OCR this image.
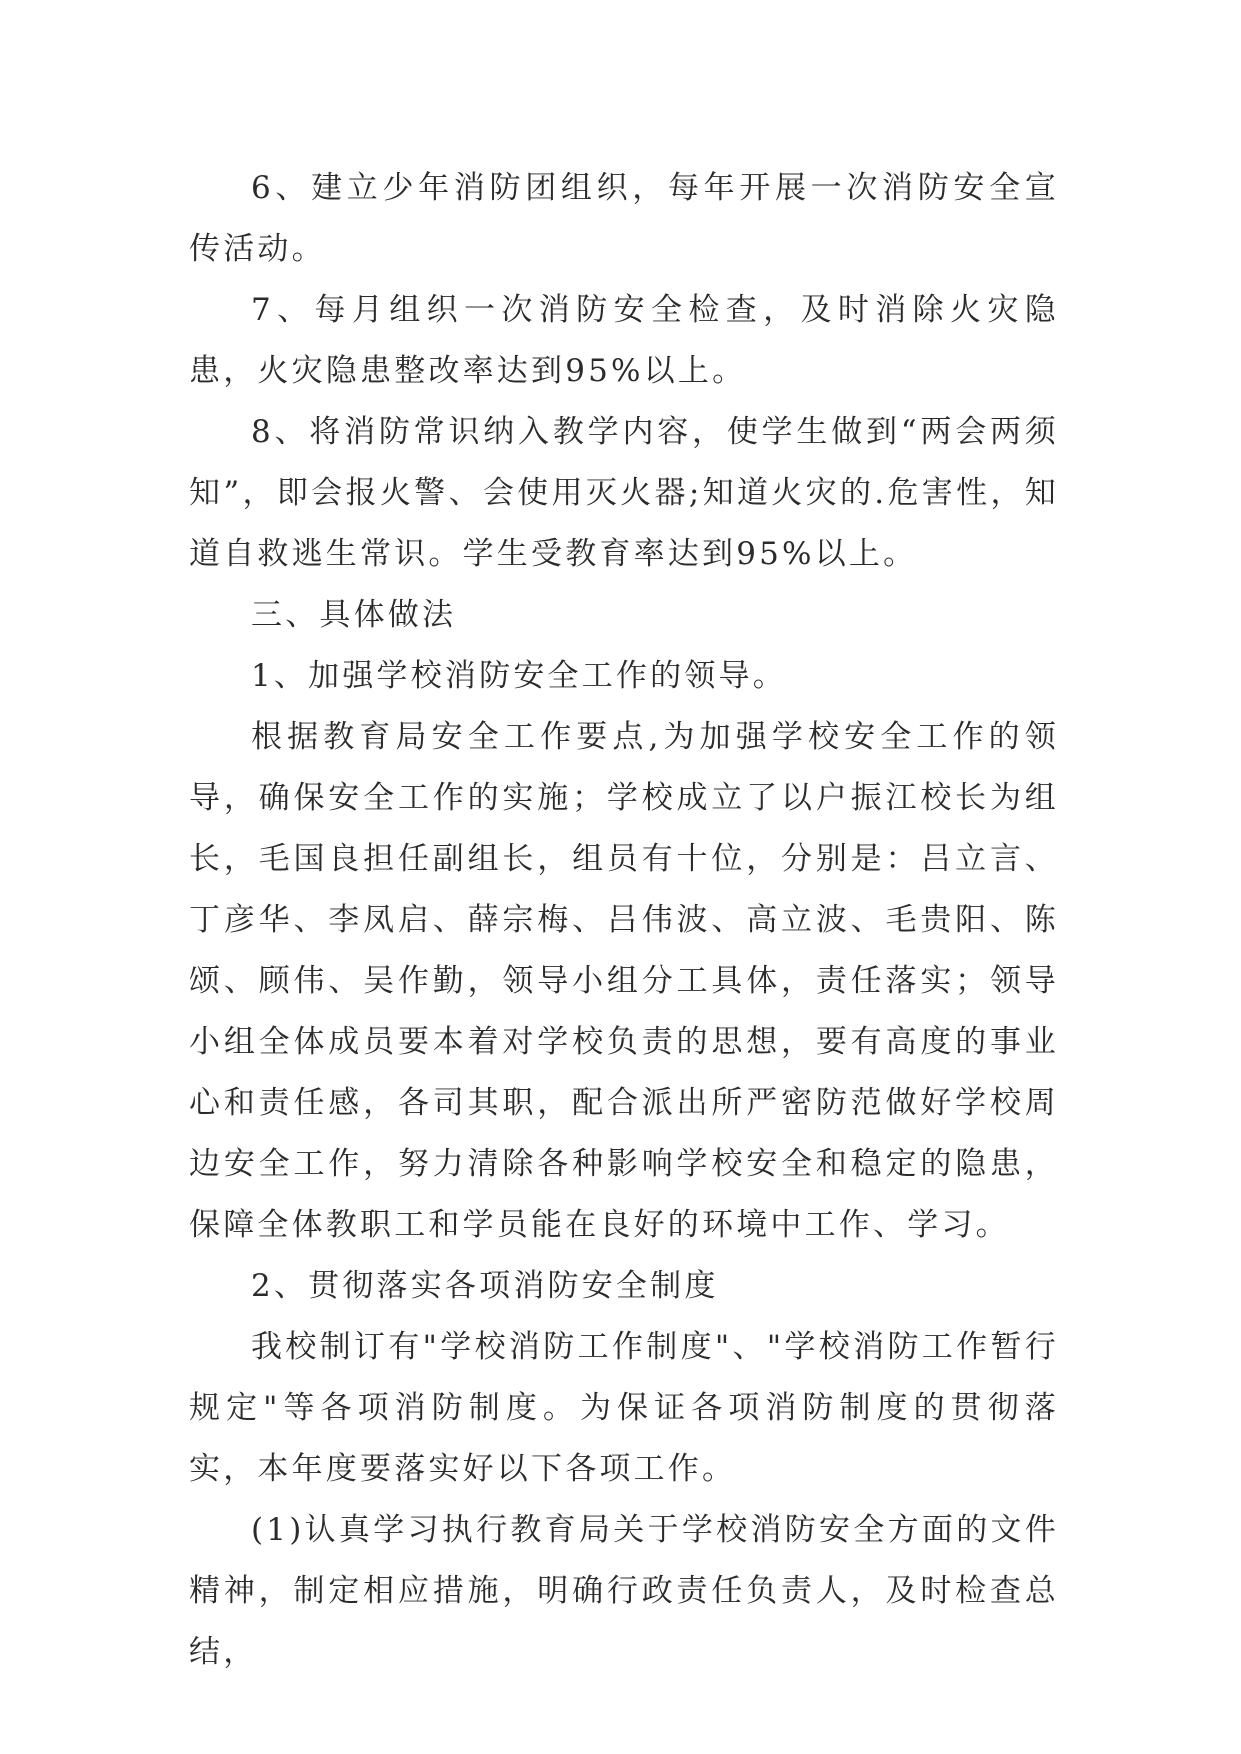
6、建立少年消防团组织，每年开展一次消防安全宣传活动。

7、每月组织一次消防安全检查，及时消除火灾隐患，火灾隐患整改率达到95%以上。

8、将消防常识纳入教学内容，使学生做到“两会两须知”，即会报火警、会使用灭火器;知道火灾的.危害性，知道自救逃生常识。学生受教育率达到95%以上。

三、具体做法

1、加强学校消防安全工作的领导。

根据教育局安全工作要点,为加强学校安全工作的领导，确保安全工作的实施；学校成立了以户振江校长为组长，毛国良担任副组长，组员有十位，分别是：吕立言、丁彦华、李凤启、薛宗梅、吕伟波、高立波、毛贵阳、陈颂、顾伟、吴作勤，领导小组分工具体，责任落实；领导小组全体成员要本着对学校负责的思想，要有高度的事业心和责任感，各司其职，配合派出所严密防范做好学校周边安全工作，努力清除各种影响学校安全和稳定的隐患，保障全体教职工和学员能在良好的环境中工作、学习。

2、贯彻落实各项消防安全制度

我校制订有"学校消防工作制度"、"学校消防工作暂行规定"等各项消防制度。为保证各项消防制度的贯彻落实，本年度要落实好以下各项工作。

(1)认真学习执行教育局关于学校消防安全方面的文件精神，制定相应措施，明确行政责任负责人，及时检查总结，
